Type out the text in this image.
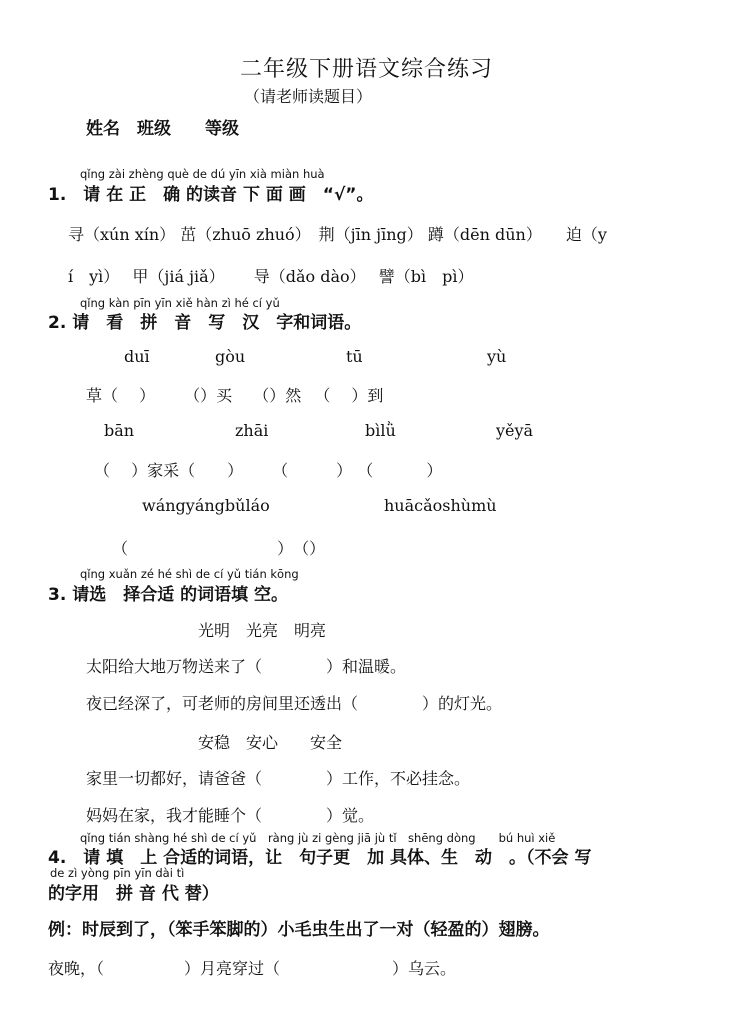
二年级下册语文综合练习
（请老师读题目）
姓名　班级　　等级
qǐng zài zhèng què de dú yīn xià miàn huà
1.　请 在 正　确 的读音 下 面 画　“√”。
寻（xún xín） 茁（zhuō zhuó）　荆（jīn jīng） 蹲（dēn dūn）　　迫（y
í　yì）　 甲（jiá jiǎ）　 　导（dǎo dào）　 譬（bì　pì）
qǐng kàn pīn yīn xiě hàn zì hé cí yǔ
2. 请　看　拼　音　写　汉　字和词语。
duī	gòu	tū	yù
草（　 ）　　 （）买　 （）然 　（　 ）到
bān	zhāi	bìlǜ	yěyā
（　 ）家采（　　）　　 （　　　） （　　　 ）
wángyángbǔláo	huācǎoshùmù
（　　　　　　　　　 ）　（）
qǐng xuǎn zé hé shì de cí yǔ tián kōng
3. 请选　择合适 的词语填 空。
光明　光亮　明亮
太阳给大地万物送来了（　　　　）和温暖。
夜已经深了，可老师的房间里还透出（　　　　）的灯光。
安稳　安心　　安全
家里一切都好，请爸爸（　　　　）工作，不必挂念。
妈妈在家，我才能睡个（　　　　）觉。
qǐng tián shàng hé shì de cí yǔ　ràng jù zi gèng jiā jù tǐ　shēng dòng　　bú huì xiě
4.　请 填　上 合适的词语，让　句子更　加 具体、生　动　。（不会 写
de zì yòng pīn yīn dài tì
的字用　拼 音 代 替）
例：时辰到了，（笨手笨脚的）小毛虫生出了一对（轻盈的）翅膀。
夜晚，（　　　　　）月亮穿过（　　　　　　　）乌云。
